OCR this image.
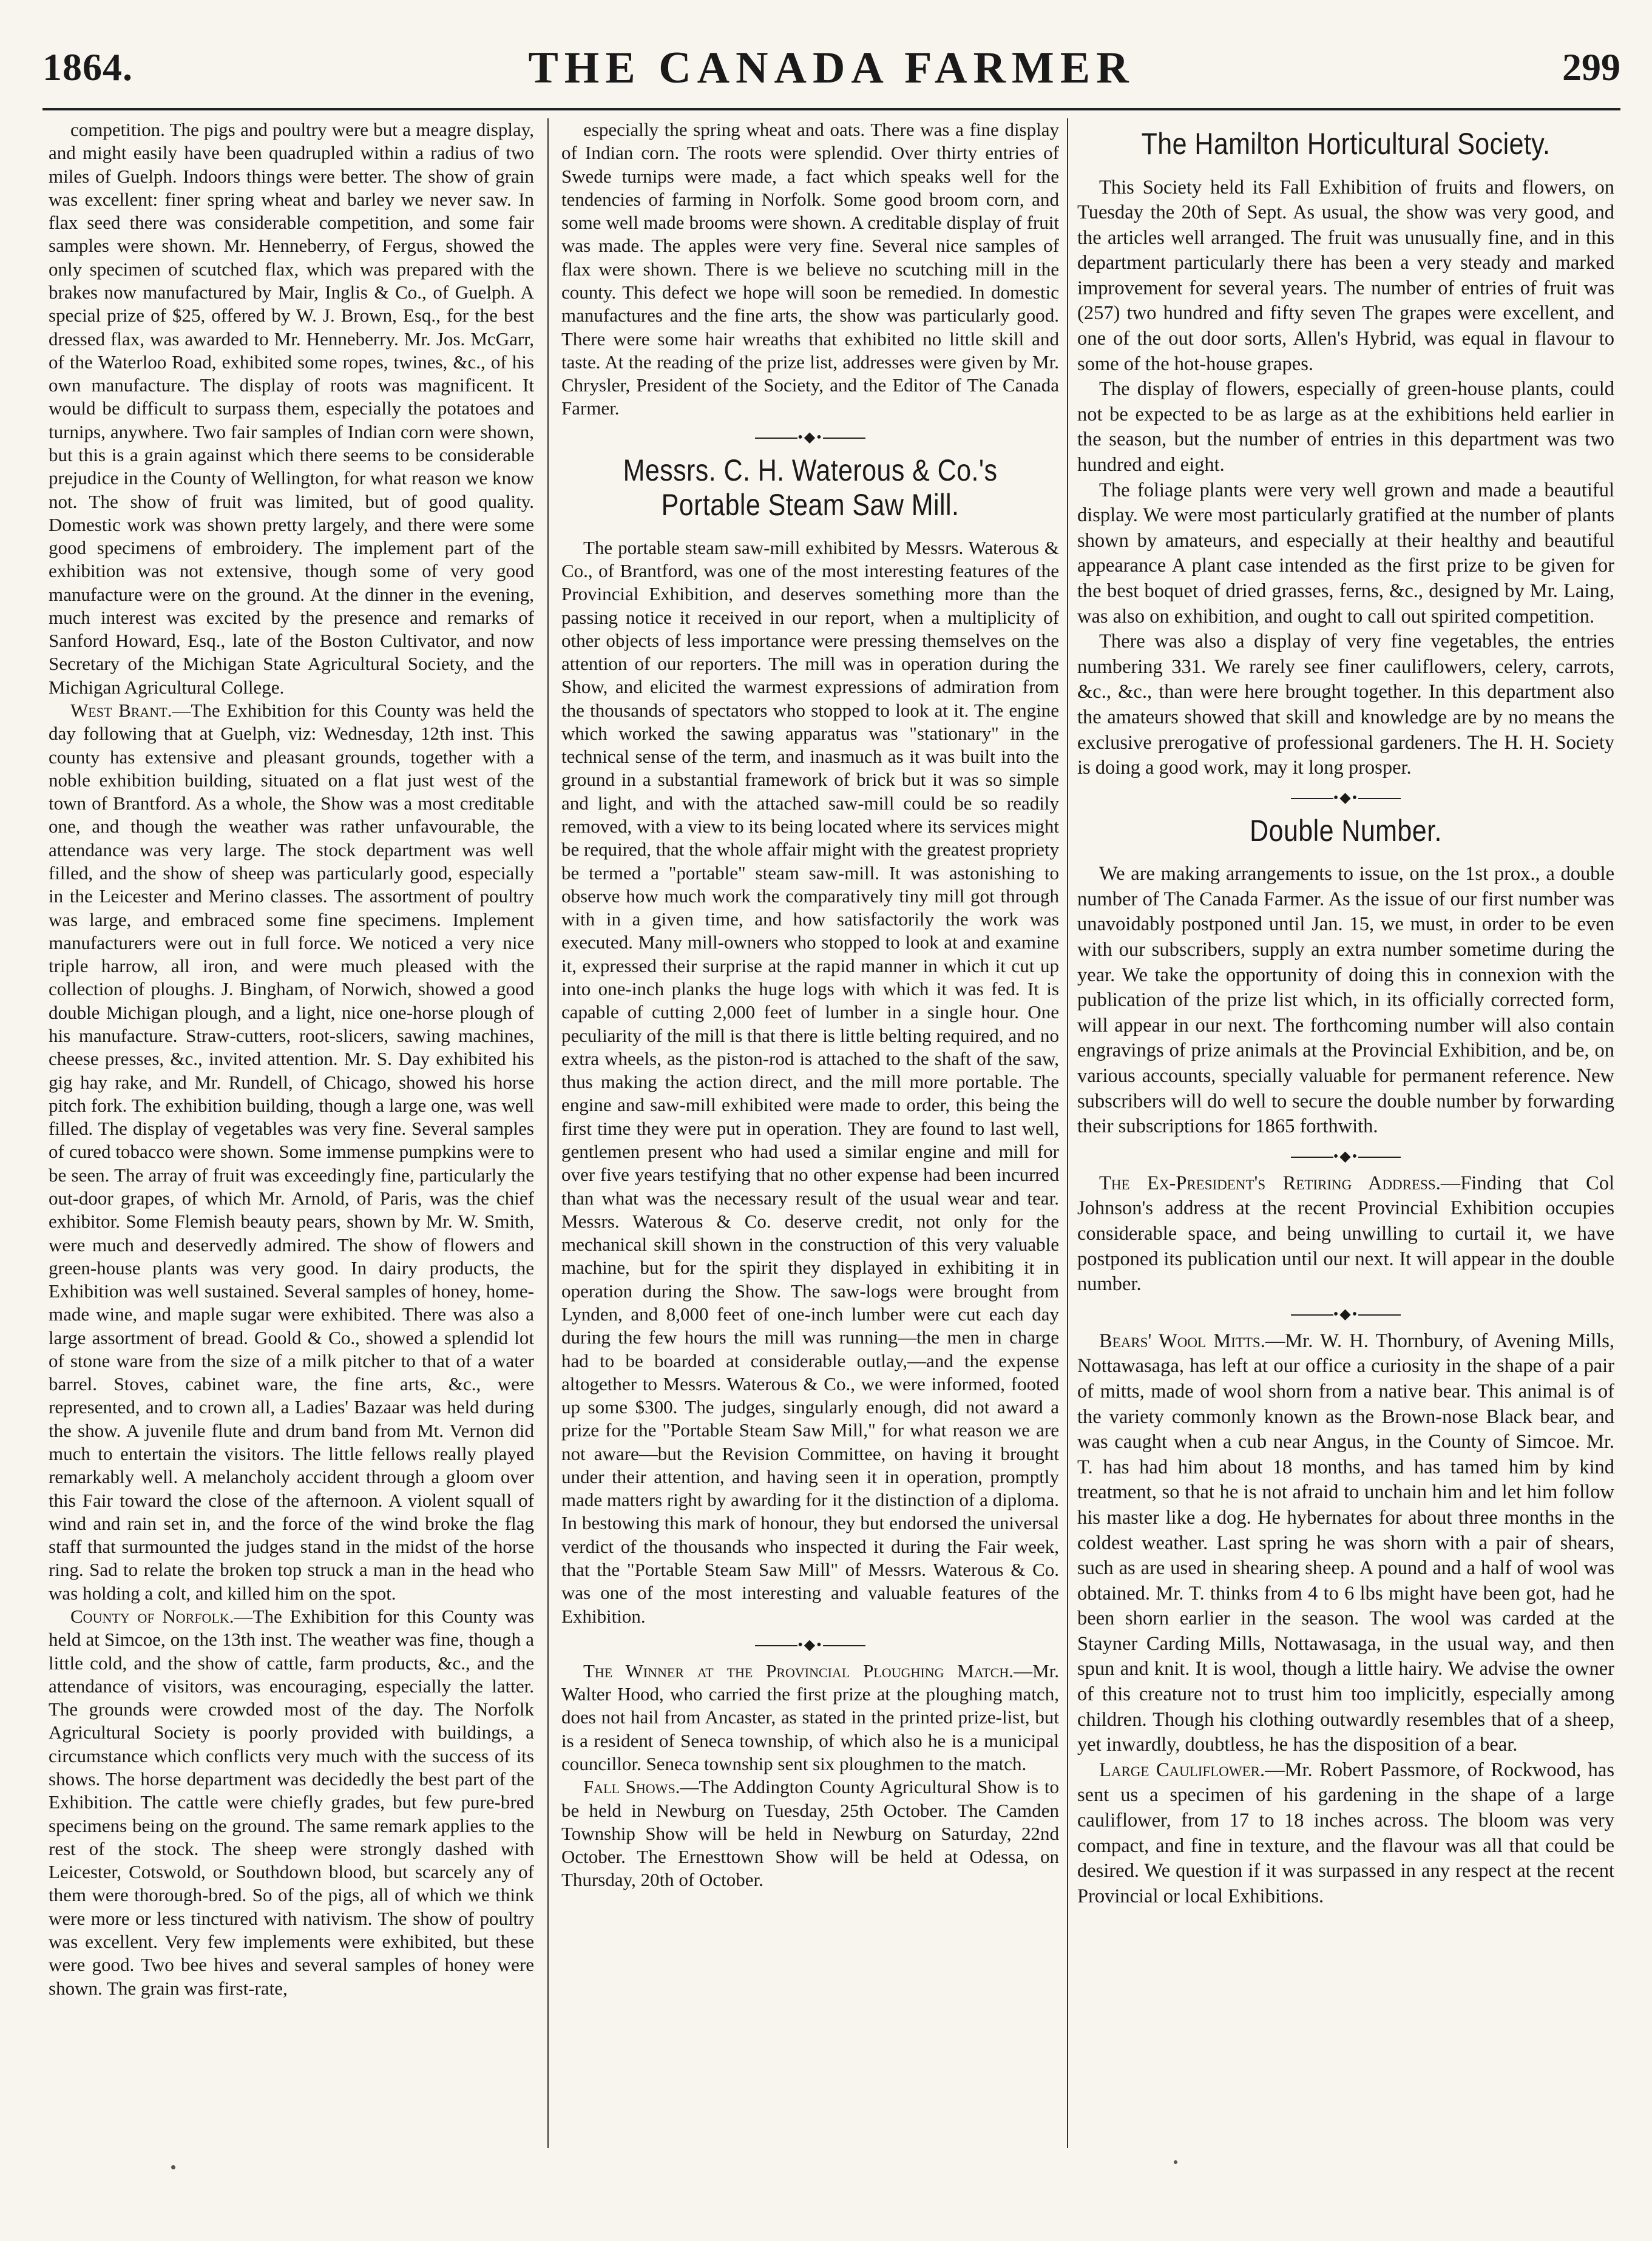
1864.	THE CANADA FARMER	299

competition. The pigs and poultry were but a meagre display, and might easily have been quadrupled within a radius of two miles of Guelph. Indoors things were better. The show of grain was excellent: finer spring wheat and barley we never saw. In flax seed there was considerable competition, and some fair samples were shown. Mr. Henneberry, of Fergus, showed the only specimen of scutched flax, which was prepared with the brakes now manufactured by Mair, Inglis & Co., of Guelph. A special prize of $25, offered by W. J. Brown, Esq., for the best dressed flax, was awarded to Mr. Henneberry. Mr. Jos. McGarr, of the Waterloo Road, exhibited some ropes, twines, &c., of his own manufacture. The display of roots was magnificent. It would be difficult to surpass them, especially the potatoes and turnips, anywhere. Two fair samples of Indian corn were shown, but this is a grain against which there seems to be considerable prejudice in the County of Wellington, for what reason we know not. The show of fruit was limited, but of good quality. Domestic work was shown pretty largely, and there were some good specimens of embroidery. The implement part of the exhibition was not extensive, though some of very good manufacture were on the ground. At the dinner in the evening, much interest was excited by the presence and remarks of Sanford Howard, Esq., late of the Boston Cultivator, and now Secretary of the Michigan State Agricultural Society, and the Michigan Agricultural College.

West Brant.—The Exhibition for this County was held the day following that at Guelph, viz: Wednesday, 12th inst. This county has extensive and pleasant grounds, together with a noble exhibition building, situated on a flat just west of the town of Brantford. As a whole, the Show was a most creditable one, and though the weather was rather unfavourable, the attendance was very large. The stock department was well filled, and the show of sheep was particularly good, especially in the Leicester and Merino classes. The assortment of poultry was large, and embraced some fine specimens. Implement manufacturers were out in full force. We noticed a very nice triple harrow, all iron, and were much pleased with the collection of ploughs. J. Bingham, of Norwich, showed a good double Michigan plough, and a light, nice one-horse plough of his manufacture. Straw-cutters, root-slicers, sawing machines, cheese presses, &c., invited attention. Mr. S. Day exhibited his gig hay rake, and Mr. Rundell, of Chicago, showed his horse pitch fork. The exhibition building, though a large one, was well filled. The display of vegetables was very fine. Several samples of cured tobacco were shown. Some immense pumpkins were to be seen. The array of fruit was exceedingly fine, particularly the out-door grapes, of which Mr. Arnold, of Paris, was the chief exhibitor. Some Flemish beauty pears, shown by Mr. W. Smith, were much and deservedly admired. The show of flowers and green-house plants was very good. In dairy products, the Exhibition was well sustained. Several samples of honey, home-made wine, and maple sugar were exhibited. There was also a large assortment of bread. Goold & Co., showed a splendid lot of stone ware from the size of a milk pitcher to that of a water barrel. Stoves, cabinet ware, the fine arts, &c., were represented, and to crown all, a Ladies' Bazaar was held during the show. A juvenile flute and drum band from Mt. Vernon did much to entertain the visitors. The little fellows really played remarkably well. A melancholy accident through a gloom over this Fair toward the close of the afternoon. A violent squall of wind and rain set in, and the force of the wind broke the flag staff that surmounted the judges stand in the midst of the horse ring. Sad to relate the broken top struck a man in the head who was holding a colt, and killed him on the spot.

County of Norfolk.—The Exhibition for this County was held at Simcoe, on the 13th inst. The weather was fine, though a little cold, and the show of cattle, farm products, &c., and the attendance of visitors, was encouraging, especially the latter. The grounds were crowded most of the day. The Norfolk Agricultural Society is poorly provided with buildings, a circumstance which conflicts very much with the success of its shows. The horse department was decidedly the best part of the Exhibition. The cattle were chiefly grades, but few pure-bred specimens being on the ground. The same remark applies to the rest of the stock. The sheep were strongly dashed with Leicester, Cotswold, or Southdown blood, but scarcely any of them were thorough-bred. So of the pigs, all of which we think were more or less tinctured with nativism. The show of poultry was excellent. Very few implements were exhibited, but these were good. Two bee hives and several samples of honey were shown. The grain was first-rate,

especially the spring wheat and oats. There was a fine display of Indian corn. The roots were splendid. Over thirty entries of Swede turnips were made, a fact which speaks well for the tendencies of farming in Norfolk. Some good broom corn, and some well made brooms were shown. A creditable display of fruit was made. The apples were very fine. Several nice samples of flax were shown. There is we believe no scutching mill in the county. This defect we hope will soon be remedied. In domestic manufactures and the fine arts, the show was particularly good. There were some hair wreaths that exhibited no little skill and taste. At the reading of the prize list, addresses were given by Mr. Chrysler, President of the Society, and the Editor of The Canada Farmer.

•◆•
Messrs. C. H. Waterous & Co.'s Portable Steam Saw Mill.

The portable steam saw-mill exhibited by Messrs. Waterous & Co., of Brantford, was one of the most interesting features of the Provincial Exhibition, and deserves something more than the passing notice it received in our report, when a multiplicity of other objects of less importance were pressing themselves on the attention of our reporters. The mill was in operation during the Show, and elicited the warmest expressions of admiration from the thousands of spectators who stopped to look at it. The engine which worked the sawing apparatus was "stationary" in the technical sense of the term, and inasmuch as it was built into the ground in a substantial framework of brick but it was so simple and light, and with the attached saw-mill could be so readily removed, with a view to its being located where its services might be required, that the whole affair might with the greatest propriety be termed a "portable" steam saw-mill. It was astonishing to observe how much work the comparatively tiny mill got through with in a given time, and how satisfactorily the work was executed. Many mill-owners who stopped to look at and examine it, expressed their surprise at the rapid manner in which it cut up into one-inch planks the huge logs with which it was fed. It is capable of cutting 2,000 feet of lumber in a single hour. One peculiarity of the mill is that there is little belting required, and no extra wheels, as the piston-rod is attached to the shaft of the saw, thus making the action direct, and the mill more portable. The engine and saw-mill exhibited were made to order, this being the first time they were put in operation. They are found to last well, gentlemen present who had used a similar engine and mill for over five years testifying that no other expense had been incurred than what was the necessary result of the usual wear and tear. Messrs. Waterous & Co. deserve credit, not only for the mechanical skill shown in the construction of this very valuable machine, but for the spirit they displayed in exhibiting it in operation during the Show. The saw-logs were brought from Lynden, and 8,000 feet of one-inch lumber were cut each day during the few hours the mill was running—the men in charge had to be boarded at considerable outlay,—and the expense altogether to Messrs. Waterous & Co., we were informed, footed up some $300. The judges, singularly enough, did not award a prize for the "Portable Steam Saw Mill," for what reason we are not aware—but the Revision Committee, on having it brought under their attention, and having seen it in operation, promptly made matters right by awarding for it the distinction of a diploma. In bestowing this mark of honour, they but endorsed the universal verdict of the thousands who inspected it during the Fair week, that the "Portable Steam Saw Mill" of Messrs. Waterous & Co. was one of the most interesting and valuable features of the Exhibition.

•◆•

The Winner at the Provincial Ploughing Match.—Mr. Walter Hood, who carried the first prize at the ploughing match, does not hail from Ancaster, as stated in the printed prize-list, but is a resident of Seneca township, of which also he is a municipal councillor. Seneca township sent six ploughmen to the match.

Fall Shows.—The Addington County Agricultural Show is to be held in Newburg on Tuesday, 25th October. The Camden Township Show will be held in Newburg on Saturday, 22nd October. The Ernesttown Show will be held at Odessa, on Thursday, 20th of October.

The Hamilton Horticultural Society.

This Society held its Fall Exhibition of fruits and flowers, on Tuesday the 20th of Sept. As usual, the show was very good, and the articles well arranged. The fruit was unusually fine, and in this department particularly there has been a very steady and marked improvement for several years. The number of entries of fruit was (257) two hundred and fifty seven The grapes were excellent, and one of the out door sorts, Allen's Hybrid, was equal in flavour to some of the hot-house grapes.

The display of flowers, especially of green-house plants, could not be expected to be as large as at the exhibitions held earlier in the season, but the number of entries in this department was two hundred and eight.

The foliage plants were very well grown and made a beautiful display. We were most particularly gratified at the number of plants shown by amateurs, and especially at their healthy and beautiful appearance A plant case intended as the first prize to be given for the best boquet of dried grasses, ferns, &c., designed by Mr. Laing, was also on exhibition, and ought to call out spirited competition.

There was also a display of very fine vegetables, the entries numbering 331. We rarely see finer cauliflowers, celery, carrots, &c., &c., than were here brought together. In this department also the amateurs showed that skill and knowledge are by no means the exclusive prerogative of professional gardeners. The H. H. Society is doing a good work, may it long prosper.

•◆•
Double Number.

We are making arrangements to issue, on the 1st prox., a double number of The Canada Farmer. As the issue of our first number was unavoidably postponed until Jan. 15, we must, in order to be even with our subscribers, supply an extra number sometime during the year. We take the opportunity of doing this in connexion with the publication of the prize list which, in its officially corrected form, will appear in our next. The forthcoming number will also contain engravings of prize animals at the Provincial Exhibition, and be, on various accounts, specially valuable for permanent reference. New subscribers will do well to secure the double number by forwarding their subscriptions for 1865 forthwith.

•◆•

The Ex-President's Retiring Address.—Finding that Col Johnson's address at the recent Provincial Exhibition occupies considerable space, and being unwilling to curtail it, we have postponed its publication until our next. It will appear in the double number.

•◆•

Bears' Wool Mitts.—Mr. W. H. Thornbury, of Avening Mills, Nottawasaga, has left at our office a curiosity in the shape of a pair of mitts, made of wool shorn from a native bear. This animal is of the variety commonly known as the Brown-nose Black bear, and was caught when a cub near Angus, in the County of Simcoe. Mr. T. has had him about 18 months, and has tamed him by kind treatment, so that he is not afraid to unchain him and let him follow his master like a dog. He hybernates for about three months in the coldest weather. Last spring he was shorn with a pair of shears, such as are used in shearing sheep. A pound and a half of wool was obtained. Mr. T. thinks from 4 to 6 lbs might have been got, had he been shorn earlier in the season. The wool was carded at the Stayner Carding Mills, Nottawasaga, in the usual way, and then spun and knit. It is wool, though a little hairy. We advise the owner of this creature not to trust him too implicitly, especially among children. Though his clothing outwardly resembles that of a sheep, yet inwardly, doubtless, he has the disposition of a bear.

Large Cauliflower.—Mr. Robert Passmore, of Rockwood, has sent us a specimen of his gardening in the shape of a large cauliflower, from 17 to 18 inches across. The bloom was very compact, and fine in texture, and the flavour was all that could be desired. We question if it was surpassed in any respect at the recent Provincial or local Exhibitions.
